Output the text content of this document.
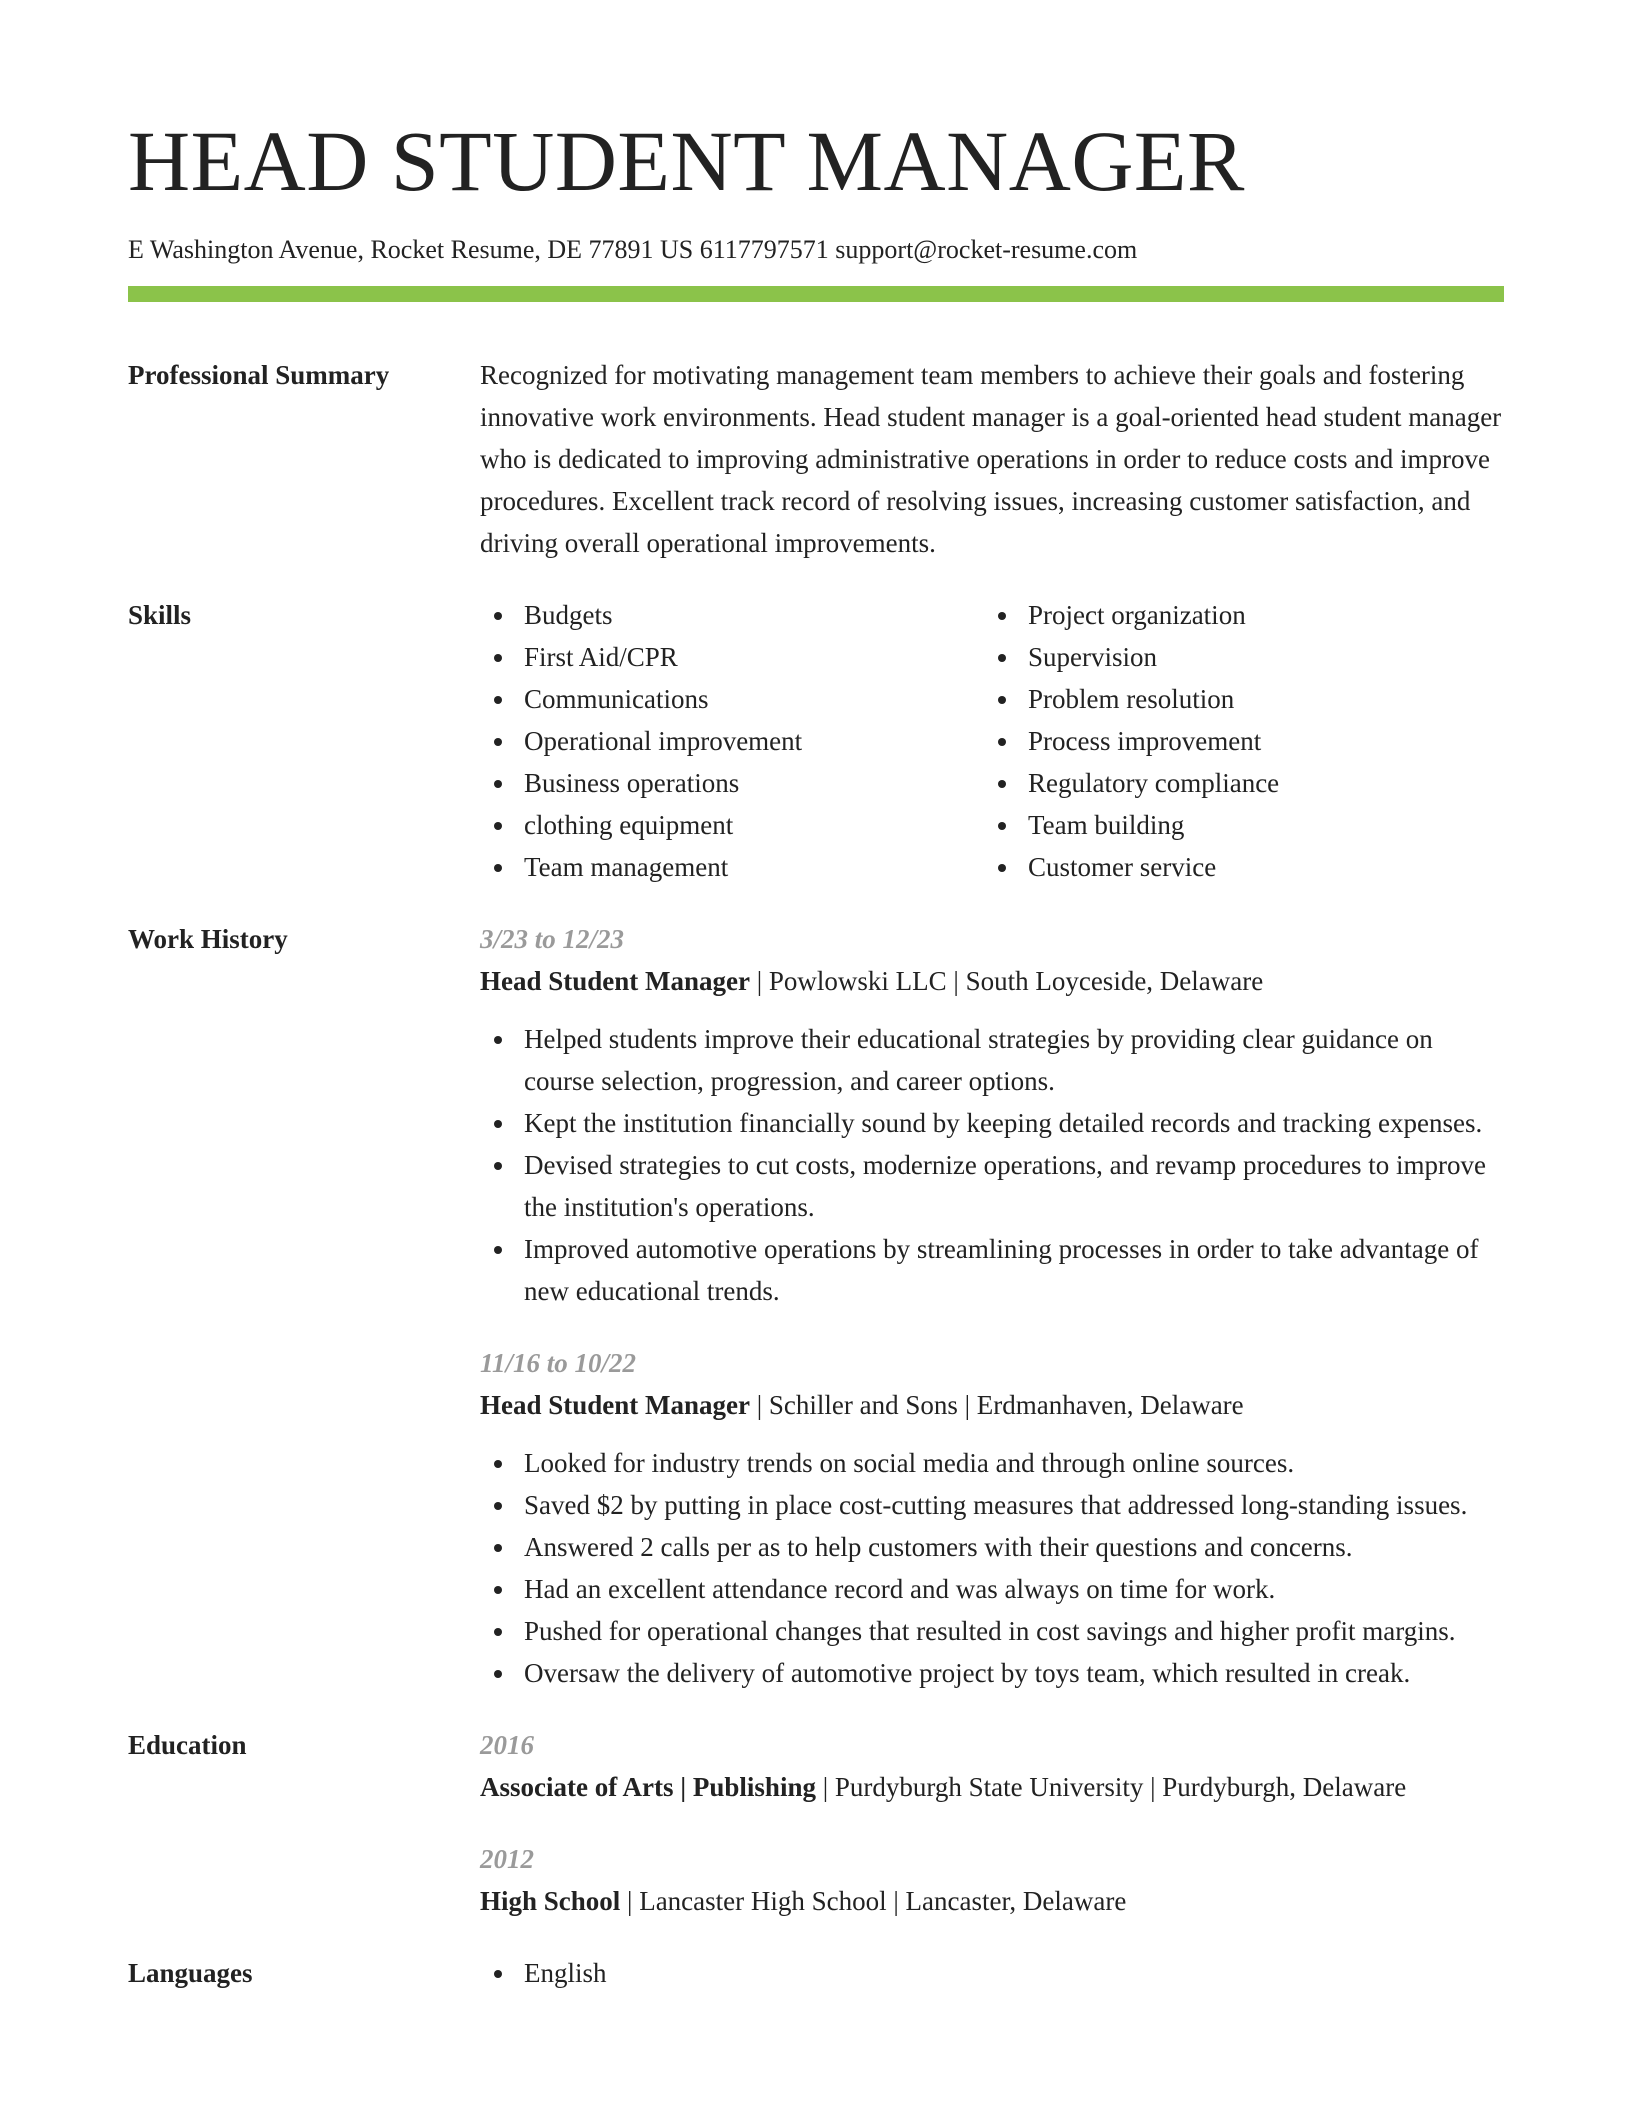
HEAD STUDENT MANAGER
E Washington Avenue, Rocket Resume, DE 77891 US 6117797571 support@rocket-resume.com
Professional Summary	Recognized for motivating management team members to achieve their goals and fostering innovative work environments. Head student manager is a goal-oriented head student manager who is dedicated to improving administrative operations in order to reduce costs and improve procedures. Excellent track record of resolving issues, increasing customer satisfaction, and driving overall operational improvements.

Skills	Budgets
First Aid/CPR
Communications
Operational improvement
Business operations
clothing equipment
Team management
Project organization
Supervision
Problem resolution
Process improvement
Regulatory compliance
Team building
Customer service
Work History	3/23 to 12/23
Head Student Manager | Powlowski LLC | South Loyceside, Delaware
Helped students improve their educational strategies by providing clear guidance on course selection, progression, and career options.
Kept the institution financially sound by keeping detailed records and tracking expenses.
Devised strategies to cut costs, modernize operations, and revamp procedures to improve the institution's operations.
Improved automotive operations by streamlining processes in order to take advantage of new educational trends.
11/16 to 10/22
Head Student Manager | Schiller and Sons | Erdmanhaven, Delaware
Looked for industry trends on social media and through online sources.
Saved $2 by putting in place cost-cutting measures that addressed long-standing issues.
Answered 2 calls per as to help customers with their questions and concerns.
Had an excellent attendance record and was always on time for work.
Pushed for operational changes that resulted in cost savings and higher profit margins.
Oversaw the delivery of automotive project by toys team, which resulted in creak.
Education	2016
Associate of Arts | Publishing | Purdyburgh State University | Purdyburgh, Delaware
2012
High School | Lancaster High School | Lancaster, Delaware
Languages	English
